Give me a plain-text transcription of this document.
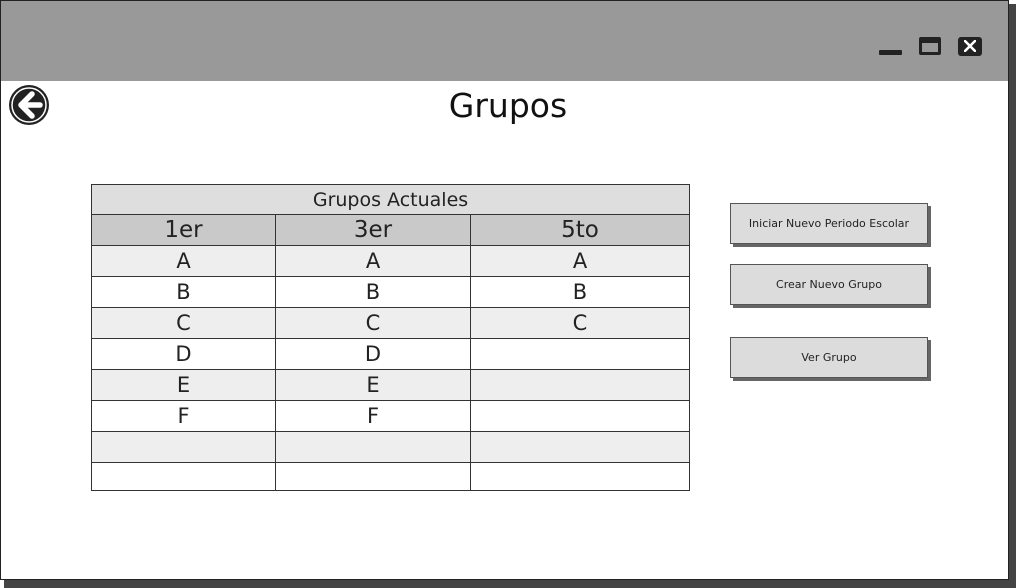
Grupos
Grupos Actuales		
1er	3er	5to
A	A	A
B	B	B
C	C	C
D	D	
E	E	
F	F	

Iniciar Nuevo Periodo Escolar
Crear Nuevo Grupo
Ver Grupo
